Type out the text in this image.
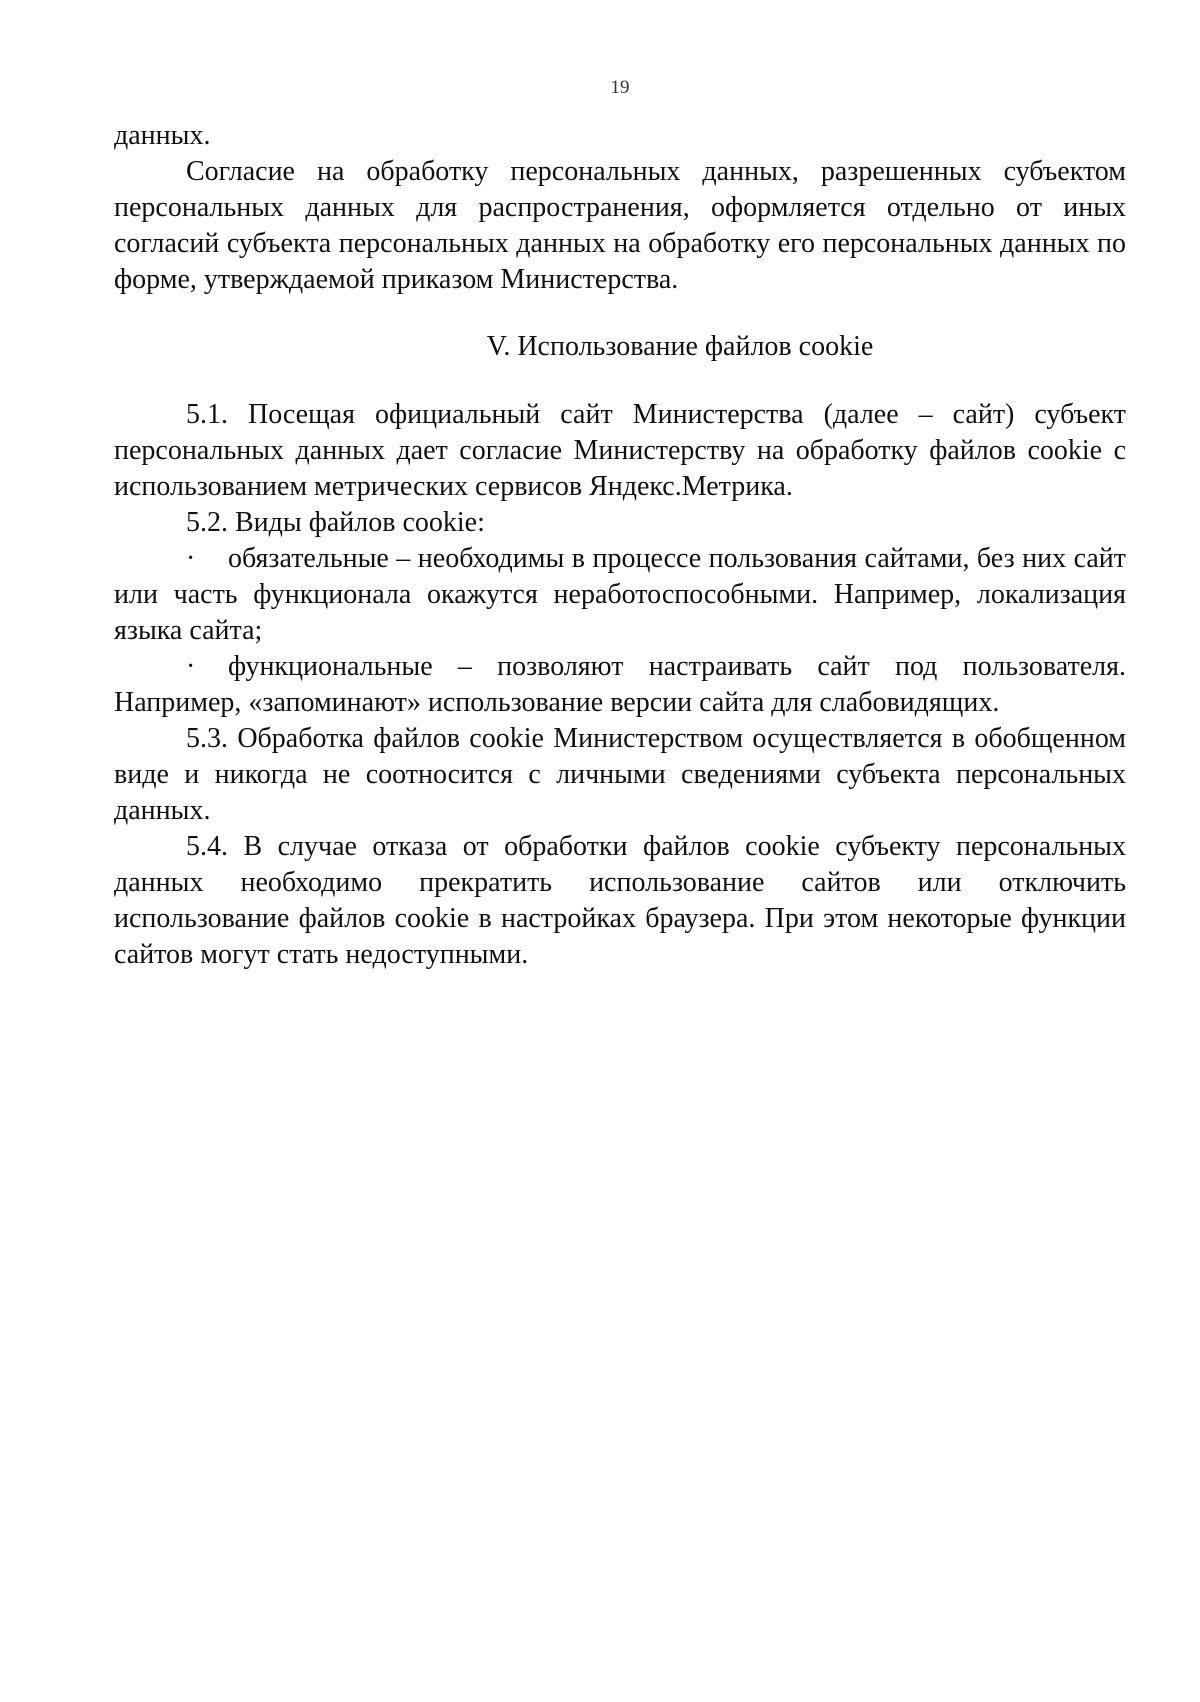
19

данных.

Согласие на обработку персональных данных, разрешенных субъектом персональных данных для распространения, оформляется отдельно от иных согласий субъекта персональных данных на обработку его персональных данных по форме, утверждаемой приказом Министерства.

V. Использование файлов cookie

5.1. Посещая официальный сайт Министерства (далее – сайт) субъект персональных данных дает согласие Министерству на обработку файлов cookie с использованием метрических сервисов Яндекс.Метрика.

5.2. Виды файлов cookie:

· обязательные – необходимы в процессе пользования сайтами, без них сайт или часть функционала окажутся неработоспособными. Например, локализация языка сайта;

· функциональные – позволяют настраивать сайт под пользователя. Например, «запоминают» использование версии сайта для слабовидящих.

5.3. Обработка файлов cookie Министерством осуществляется в обобщенном виде и никогда не соотносится с личными сведениями субъекта персональных данных.

5.4. В случае отказа от обработки файлов cookie субъекту персональных данных необходимо прекратить использование сайтов или отключить использование файлов cookie в настройках браузера. При этом некоторые функции сайтов могут стать недоступными.
